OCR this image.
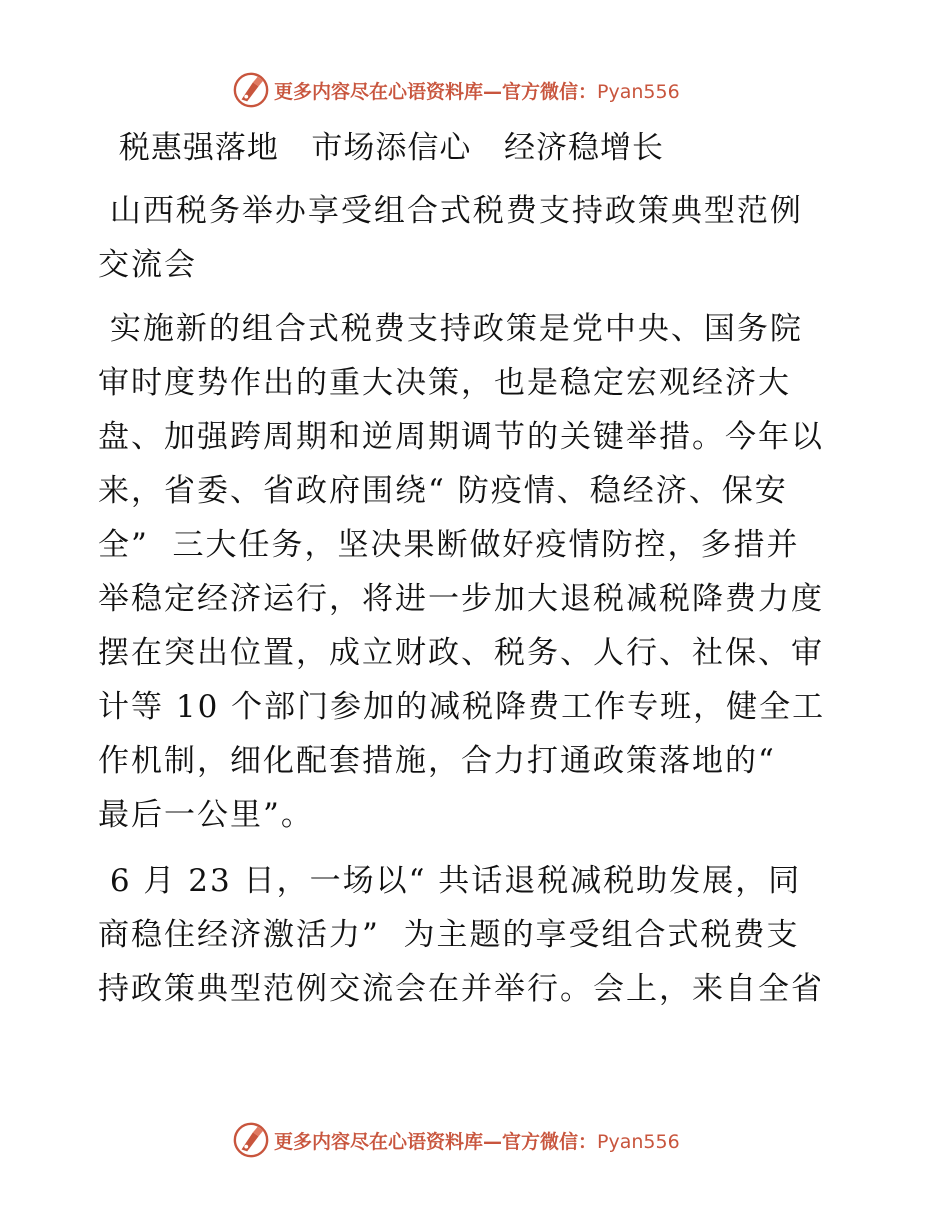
更多内容尽在心语资料库—官方微信：Pyan556
税惠强落地   市场添信心   经济稳增长
山西税务举办享受组合式税费支持政策典型范例
交流会
实施新的组合式税费支持政策是党中央、国务院
审时度势作出的重大决策，也是稳定宏观经济大
盘、加强跨周期和逆周期调节的关键举措。今年以
来，省委、省政府围绕“ 防疫情、稳经济、保安
全”  三大任务，坚决果断做好疫情防控，多措并
举稳定经济运行，将进一步加大退税减税降费力度
摆在突出位置，成立财政、税务、人行、社保、审
计等 10 个部门参加的减税降费工作专班，健全工
作机制，细化配套措施，合力打通政策落地的“
最后一公里”。
6 月 23 日，一场以“ 共话退税减税助发展，同
商稳住经济激活力”  为主题的享受组合式税费支
持政策典型范例交流会在并举行。会上，来自全省
更多内容尽在心语资料库—官方微信：Pyan556
